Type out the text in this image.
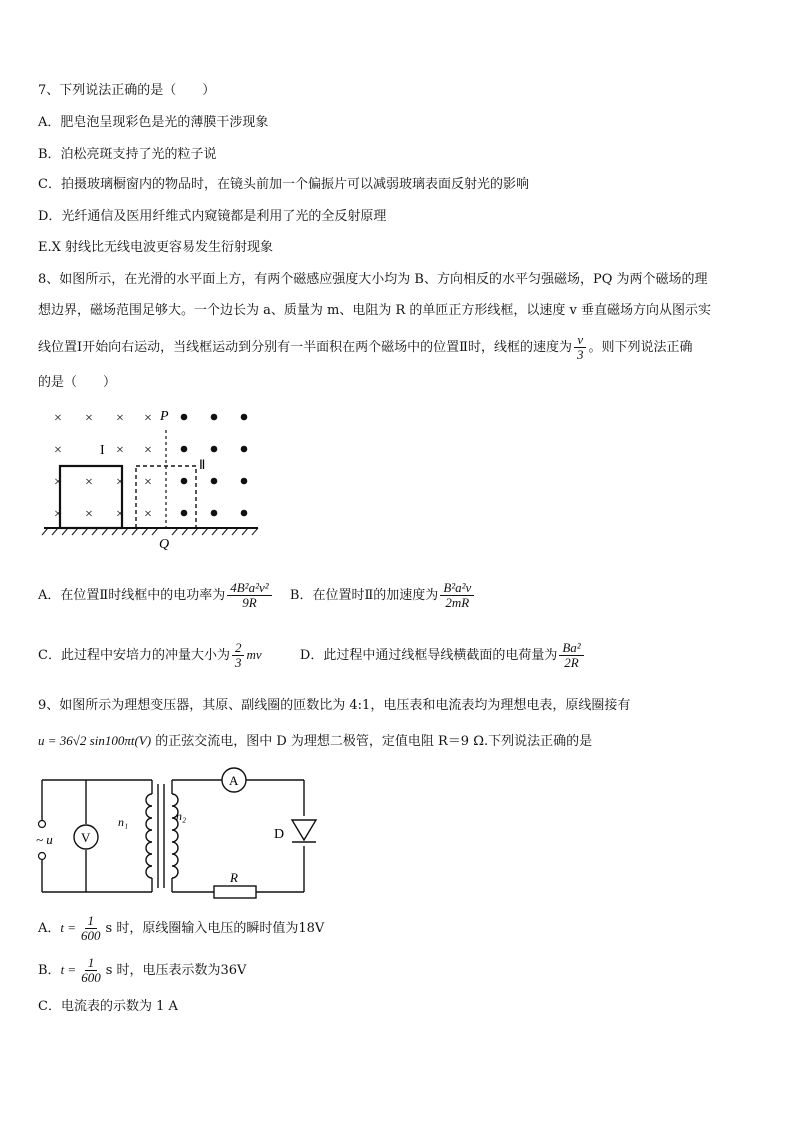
7、下列说法正确的是（　　）
A．肥皂泡呈现彩色是光的薄膜干涉现象
B．泊松亮斑支持了光的粒子说
C．拍摄玻璃橱窗内的物品时，在镜头前加一个偏振片可以减弱玻璃表面反射光的影响
D．光纤通信及医用纤维式内窥镜都是利用了光的全反射原理
E.X 射线比无线电波更容易发生衍射现象
8、如图所示，在光滑的水平面上方，有两个磁感应强度大小均为 B、方向相反的水平匀强磁场，PQ 为两个磁场的理
想边界，磁场范围足够大。一个边长为 a、质量为 m、电阻为 R 的单匝正方形线框，以速度 v 垂直磁场方向从图示实
线位置Ⅰ开始向右运动，当线框运动到分别有一半面积在两个磁场中的位置Ⅱ时，线框的速度为 $\frac{v}{3}$ 。则下列说法正确
的是（　　）
× × × ×
×	× ×
× × × ×
× × × ×
P
I
Ⅱ
Q
A．在位置Ⅱ时线框中的电功率为 $\frac{\text{4B²a²v²}}{9R}$ B．在位置时Ⅱ的加速度为 $\frac{\text{B²a²v}}{2mR}$
C．此过程中安培力的冲量大小为 $\frac{2}{3}$ mv	D．此过程中通过线框导线横截面的电荷量为 $\frac{\text{Ba²}}{2R}$
9、如图所示为理想变压器，其原、副线圈的匝数比为 4:1，电压表和电流表均为理想电表，原线圈接有
u = 36√2 sin100πt(V) 的正弦交流电，图中 D 为理想二极管，定值电阻 R＝9 Ω.下列说法正确的是
~ u V
n₁	n₂
A
D
R
A．$t = \frac{1}{600}$ s 时，原线圈输入电压的瞬时值为18V
B．$t = \frac{1}{600}$ s 时，电压表示数为36V
C．电流表的示数为 1 A
